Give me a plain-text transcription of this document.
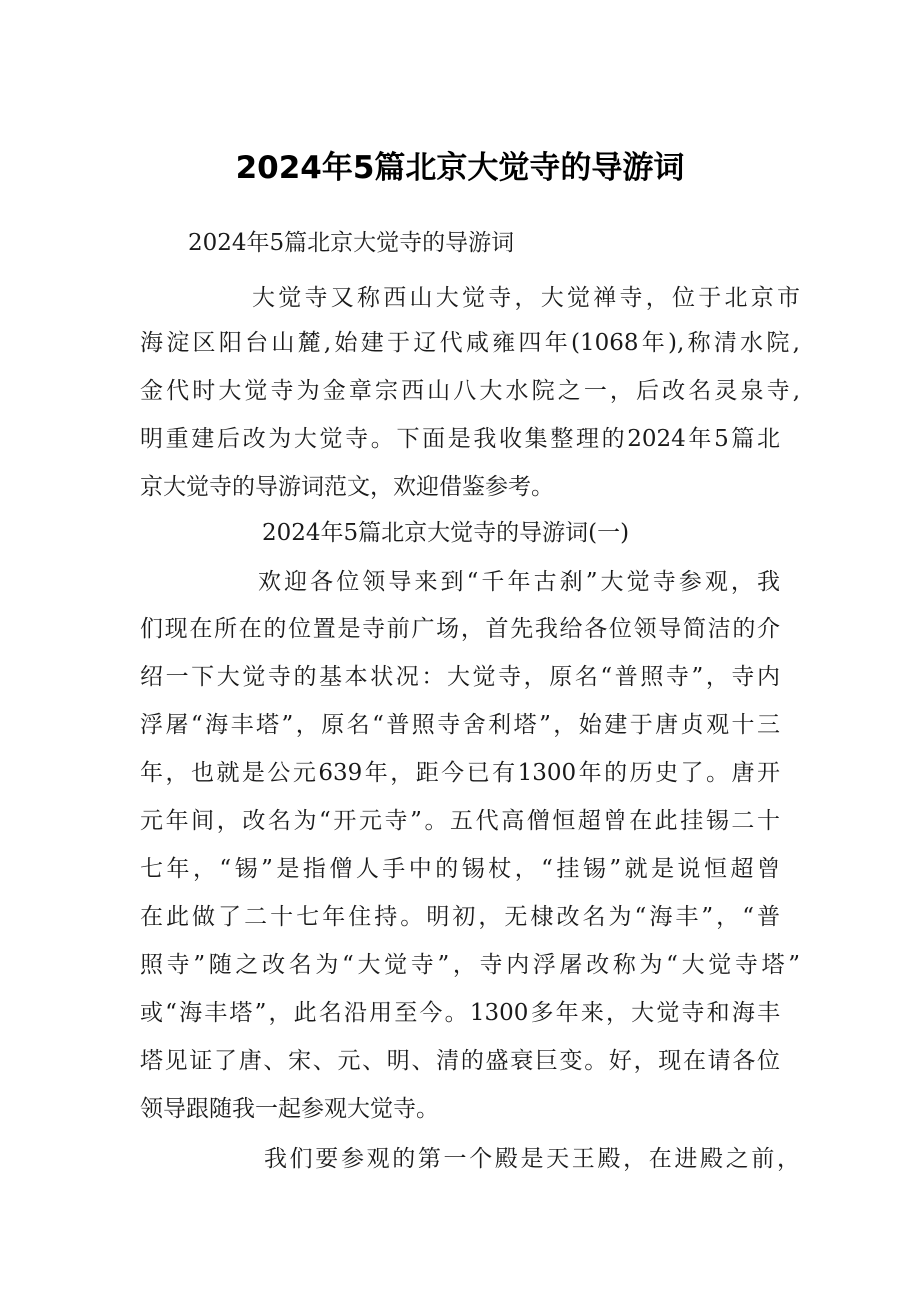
2024年5篇北京大觉寺的导游词
2024年5篇北京大觉寺的导游词
大觉寺又称西山大觉寺，大觉禅寺，位于北京市
海淀区阳台山麓,始建于辽代咸雍四年(1068年),称清水院,
金代时大觉寺为金章宗西山八大水院之一，后改名灵泉寺,
明重建后改为大觉寺。下面是我收集整理的2024年5篇北
京大觉寺的导游词范文，欢迎借鉴参考。
2024年5篇北京大觉寺的导游词(一)
欢迎各位领导来到“千年古刹”大觉寺参观，我
们现在所在的位置是寺前广场，首先我给各位领导简洁的介
绍一下大觉寺的基本状况：大觉寺，原名“普照寺”，寺内
浮屠“海丰塔”，原名“普照寺舍利塔”，始建于唐贞观十三
年，也就是公元639年，距今已有1300年的历史了。唐开
元年间，改名为“开元寺”。五代高僧恒超曾在此挂锡二十
七年，“锡”是指僧人手中的锡杖，“挂锡”就是说恒超曾
在此做了二十七年住持。明初，无棣改名为“海丰”，“普
照寺”随之改名为“大觉寺”，寺内浮屠改称为“大觉寺塔”
或“海丰塔”，此名沿用至今。1300多年来，大觉寺和海丰
塔见证了唐、宋、元、明、清的盛衰巨变。好，现在请各位
领导跟随我一起参观大觉寺。
我们要参观的第一个殿是天王殿，在进殿之前，
